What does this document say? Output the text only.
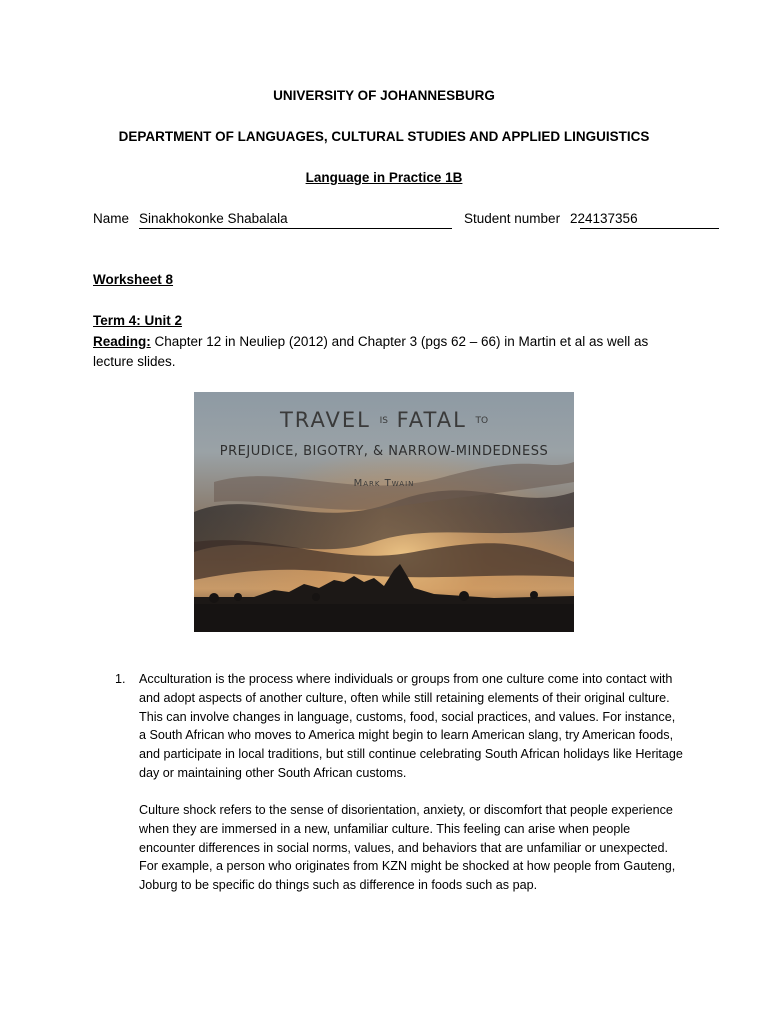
UNIVERSITY OF JOHANNESBURG
DEPARTMENT OF LANGUAGES, CULTURAL STUDIES AND APPLIED LINGUISTICS
Language in Practice 1B
Name Sinakhokonke Shabalala	Student number 224137356
Worksheet 8
Term 4: Unit 2
Reading: Chapter 12 in Neuliep (2012) and Chapter 3 (pgs 62 – 66) in Martin et al as well as lecture slides.
TRAVEL IS FATAL TO
PREJUDICE, BIGOTRY, & NARROW-MINDEDNESS
Mark Twain
1. Acculturation is the process where individuals or groups from one culture come into contact with and adopt aspects of another culture, often while still retaining elements of their original culture. This can involve changes in language, customs, food, social practices, and values. For instance, a South African who moves to America might begin to learn American slang, try American foods, and participate in local traditions, but still continue celebrating South African holidays like Heritage day or maintaining other South African customs.
Culture shock refers to the sense of disorientation, anxiety, or discomfort that people experience when they are immersed in a new, unfamiliar culture. This feeling can arise when people encounter differences in social norms, values, and behaviors that are unfamiliar or unexpected. For example, a person who originates from KZN might be shocked at how people from Gauteng, Joburg to be specific do things such as difference in foods such as pap.
